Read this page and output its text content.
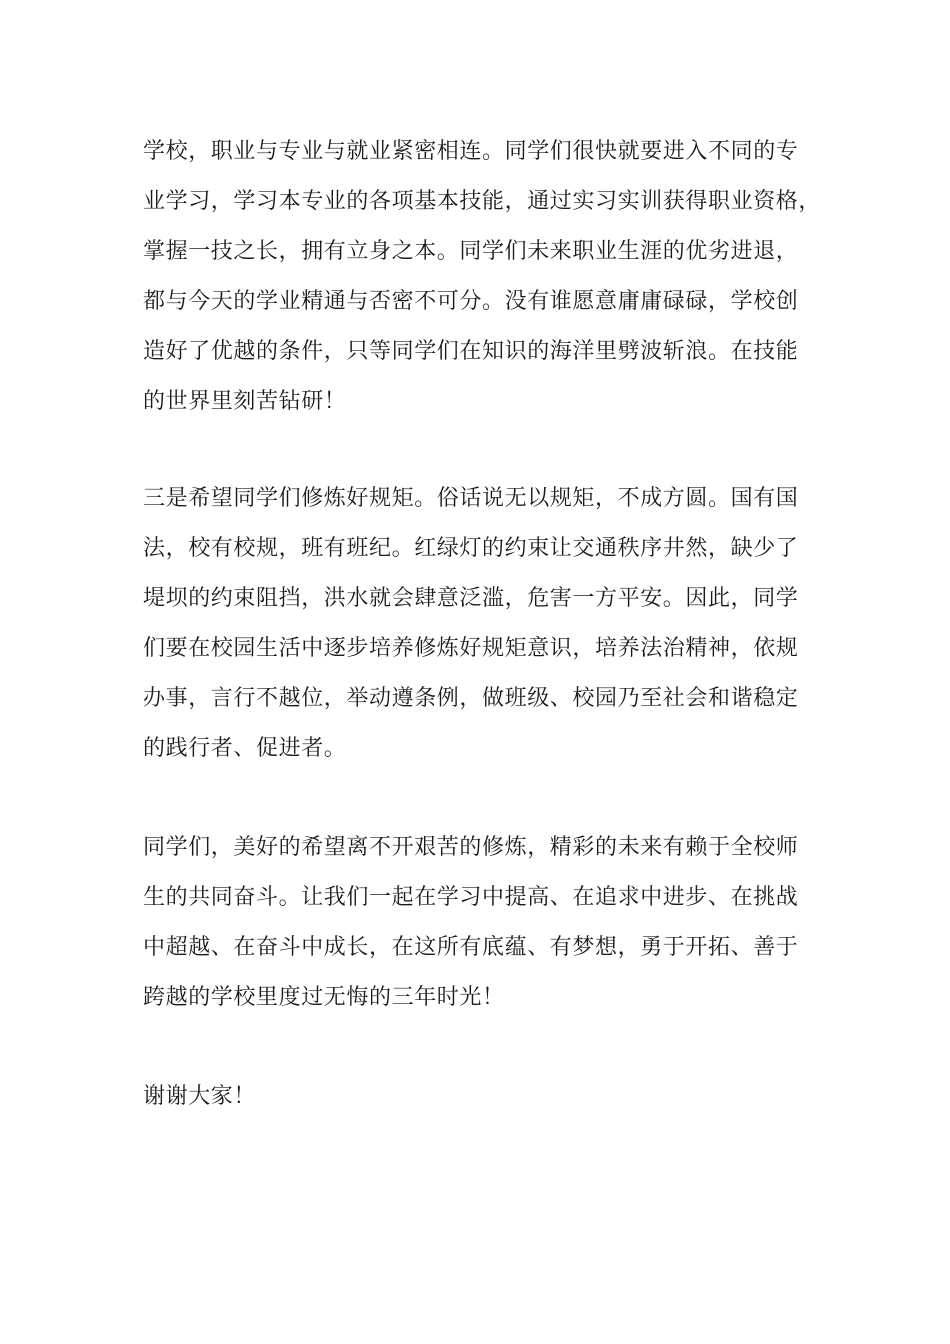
学校，职业与专业与就业紧密相连。同学们很快就要进入不同的专
业学习，学习本专业的各项基本技能，通过实习实训获得职业资格，
掌握一技之长，拥有立身之本。同学们未来职业生涯的优劣进退，
都与今天的学业精通与否密不可分。没有谁愿意庸庸碌碌，学校创
造好了优越的条件，只等同学们在知识的海洋里劈波斩浪。在技能
的世界里刻苦钻研！
三是希望同学们修炼好规矩。俗话说无以规矩，不成方圆。国有国
法，校有校规，班有班纪。红绿灯的约束让交通秩序井然，缺少了
堤坝的约束阻挡，洪水就会肆意泛滥，危害一方平安。因此，同学
们要在校园生活中逐步培养修炼好规矩意识，培养法治精神，依规
办事，言行不越位，举动遵条例，做班级、校园乃至社会和谐稳定
的践行者、促进者。
同学们，美好的希望离不开艰苦的修炼，精彩的未来有赖于全校师
生的共同奋斗。让我们一起在学习中提高、在追求中进步、在挑战
中超越、在奋斗中成长，在这所有底蕴、有梦想，勇于开拓、善于
跨越的学校里度过无悔的三年时光！
谢谢大家！
